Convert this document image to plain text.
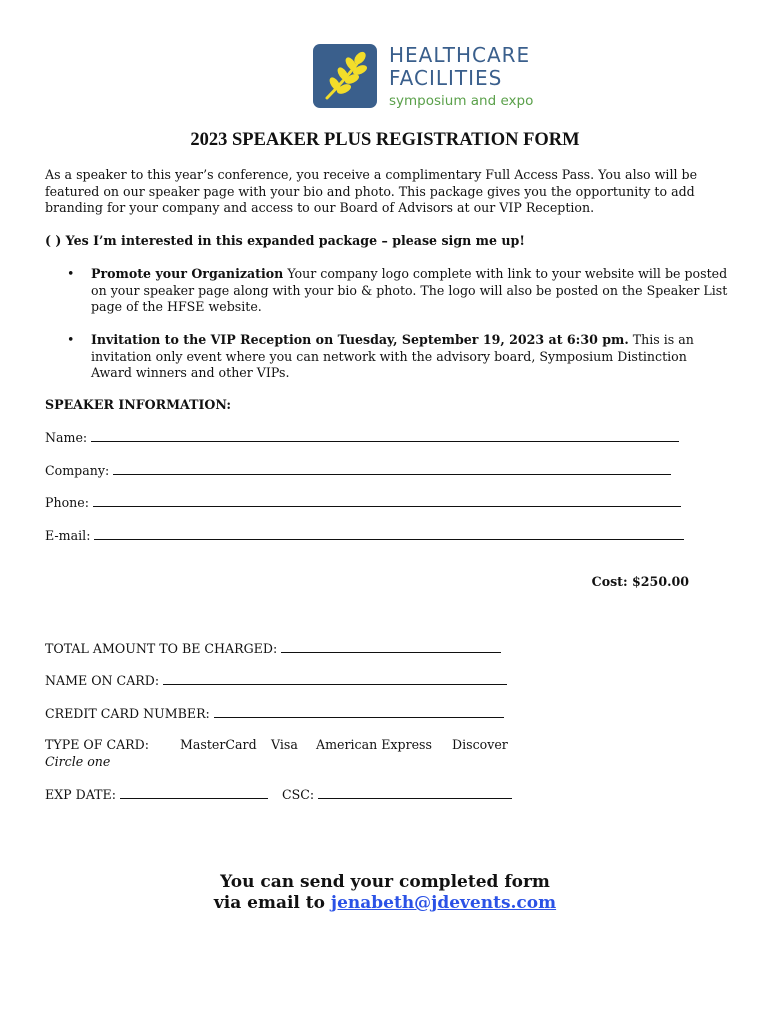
HEALTHCARE
FACILITIES
symposium and expo
2023 SPEAKER PLUS REGISTRATION FORM
As a speaker to this year’s conference, you receive a complimentary Full Access Pass. You also will be featured on our speaker page with your bio and photo. This package gives you the opportunity to add branding for your company and access to our Board of Advisors at our VIP Reception.
( ) Yes I’m interested in this expanded package – please sign me up!
• Promote your Organization Your company logo complete with link to your website will be posted on your speaker page along with your bio & photo. The logo will also be posted on the Speaker List page of the HFSE website.
• Invitation to the VIP Reception on Tuesday, September 19, 2023 at 6:30 pm. This is an invitation only event where you can network with the advisory board, Symposium Distinction Award winners and other VIPs.
SPEAKER INFORMATION:
Name:
Company:
Phone:
E-mail:
Cost: $250.00
TOTAL AMOUNT TO BE CHARGED:
NAME ON CARD:
CREDIT CARD NUMBER:
TYPE OF CARD:
Circle one
MasterCard Visa American Express Discover
EXP DATE:	CSC:
You can send your completed form
via email to jenabeth@jdevents.com
